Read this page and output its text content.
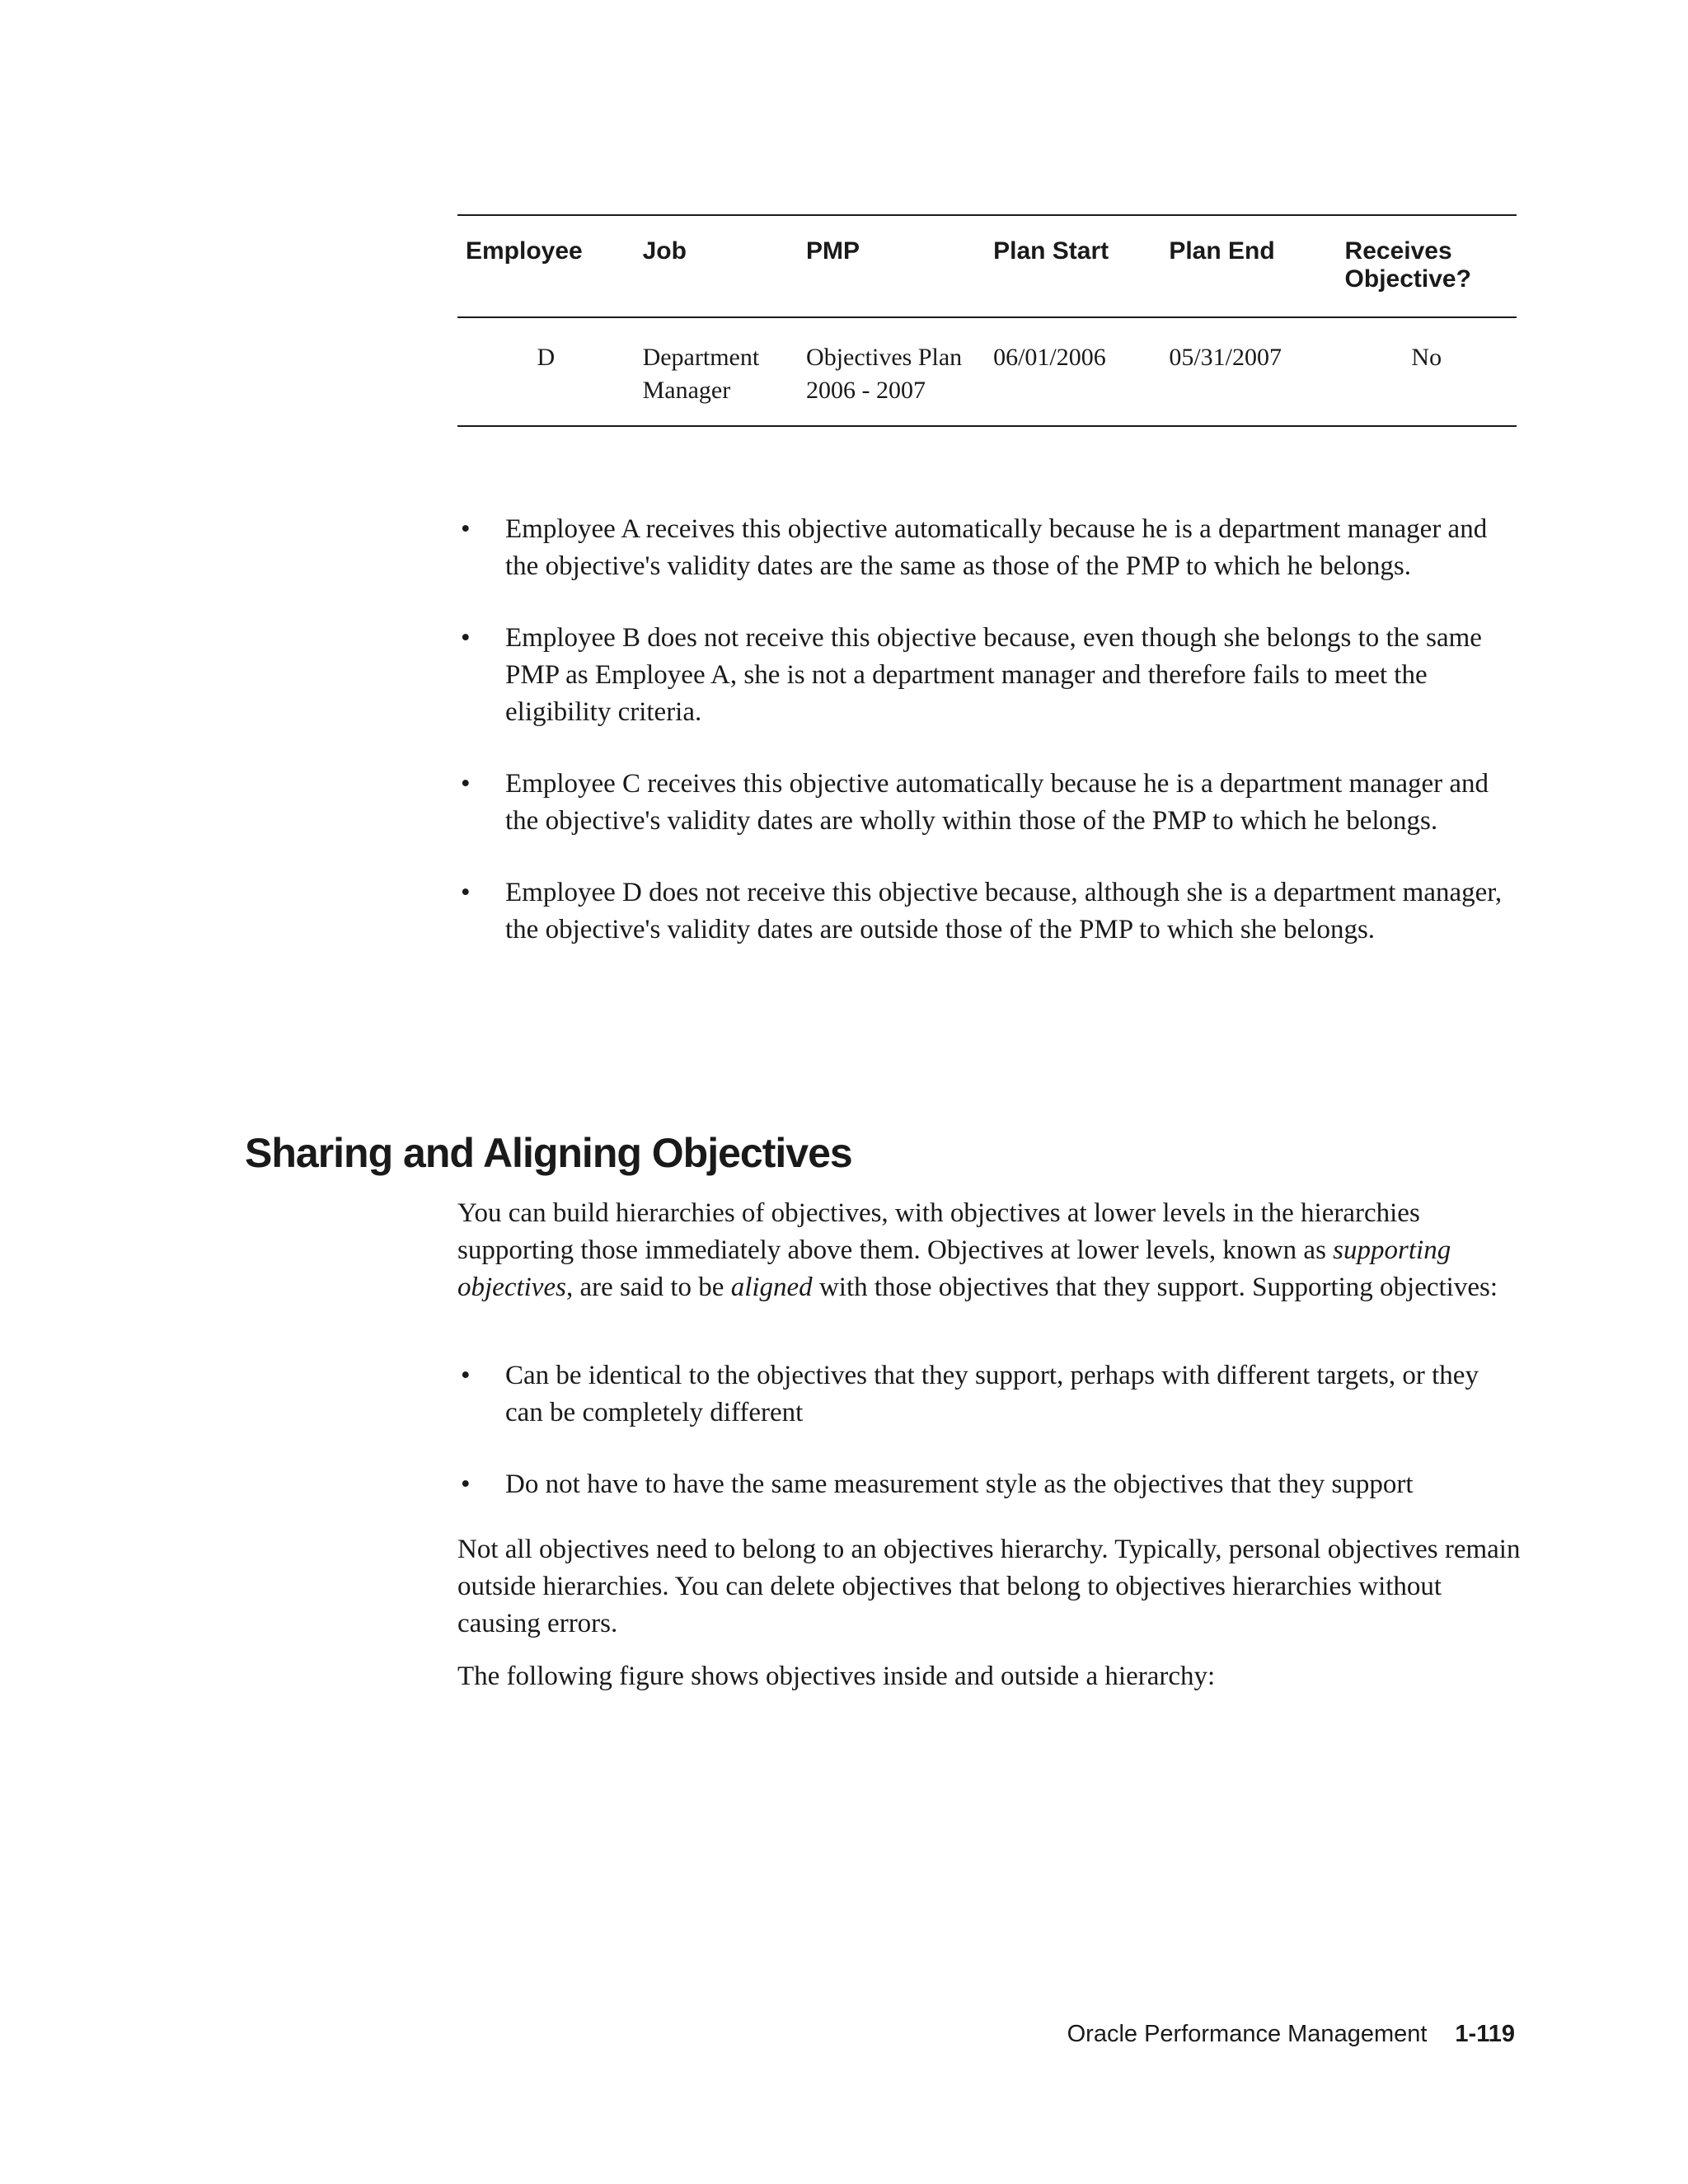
Employee	Job	PMP	Plan Start	Plan End	Receives Objective?
D	Department Manager	Objectives Plan 2006 - 2007	06/01/2006	05/31/2007	No
• Employee A receives this objective automatically because he is a department manager and the objective's validity dates are the same as those of the PMP to which he belongs.
• Employee B does not receive this objective because, even though she belongs to the same PMP as Employee A, she is not a department manager and therefore fails to meet the eligibility criteria.
• Employee C receives this objective automatically because he is a department manager and the objective's validity dates are wholly within those of the PMP to which he belongs.
• Employee D does not receive this objective because, although she is a department manager, the objective's validity dates are outside those of the PMP to which she belongs.
Sharing and Aligning Objectives

You can build hierarchies of objectives, with objectives at lower levels in the hierarchies supporting those immediately above them. Objectives at lower levels, known as supporting objectives, are said to be aligned with those objectives that they support. Supporting objectives:

• Can be identical to the objectives that they support, perhaps with different targets, or they can be completely different
• Do not have to have the same measurement style as the objectives that they support

Not all objectives need to belong to an objectives hierarchy. Typically, personal objectives remain outside hierarchies. You can delete objectives that belong to objectives hierarchies without causing errors.

The following figure shows objectives inside and outside a hierarchy:

Oracle Performance Management 1-119
